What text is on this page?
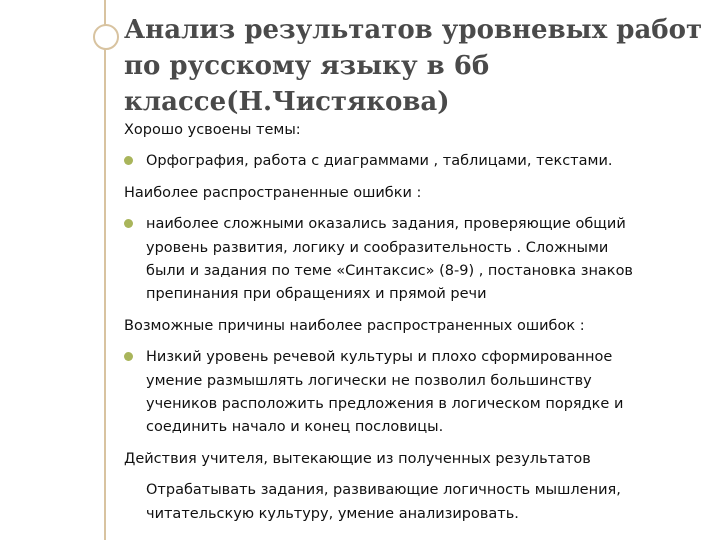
Анализ результатов уровневых работ
по русскому языку в 6б
классе(Н.Чистякова)
Хорошо усвоены темы:
Орфография, работа с диаграммами , таблицами, текстами.
Наиболее распространенные ошибки :
наиболее сложными оказались задания, проверяющие общий
уровень развития, логику и сообразительность . Сложными
были и задания по теме «Синтаксис» (8-9) , постановка знаков
препинания при обращениях и прямой речи
Возможные причины наиболее распространенных ошибок :
Низкий уровень речевой культуры и плохо сформированное
умение размышлять логически не позволил большинству
учеников расположить предложения в логическом порядке и
соединить начало и конец пословицы.
Действия учителя, вытекающие из полученных результатов
Отрабатывать задания, развивающие логичность мышления,
читательскую культуру, умение анализировать.
